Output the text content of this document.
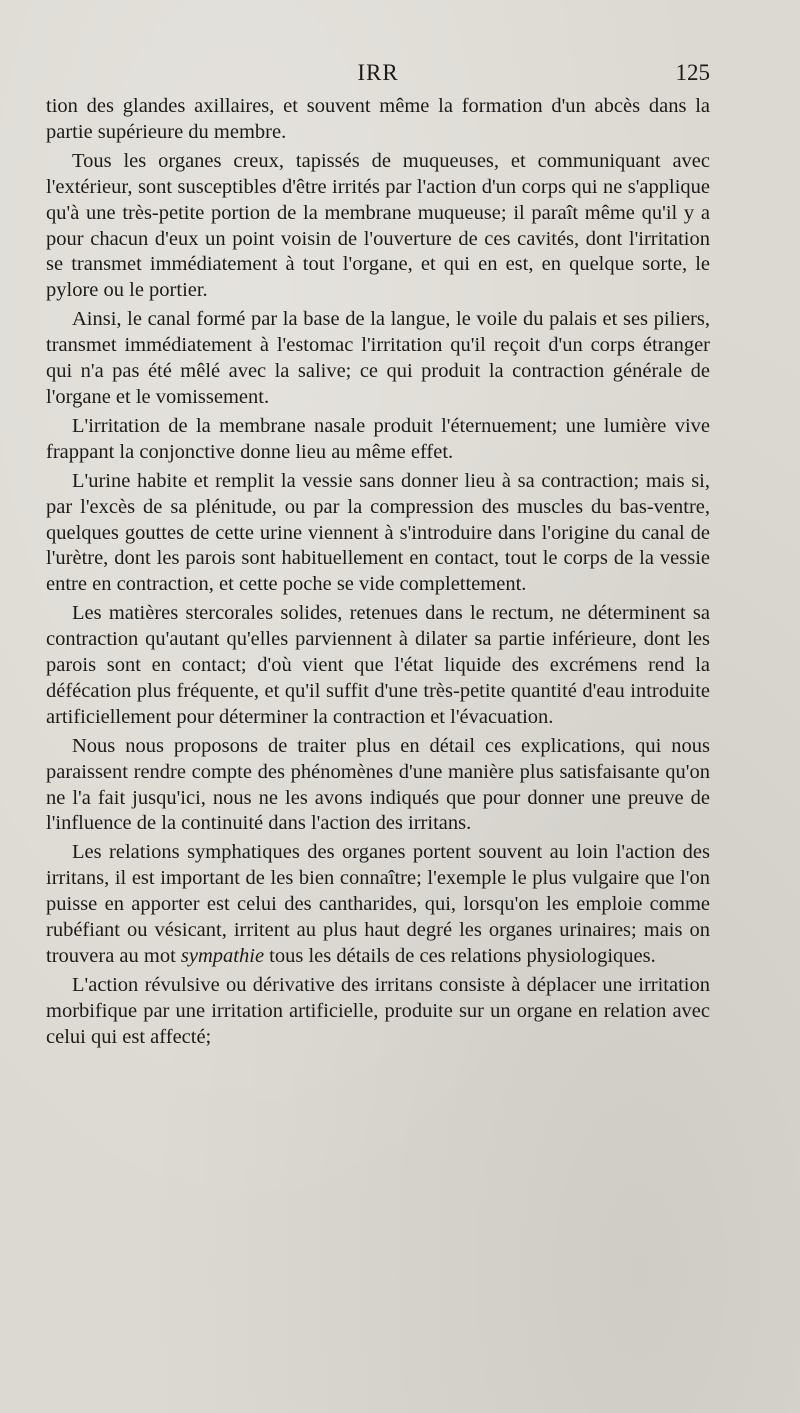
IRR	125

tion des glandes axillaires, et souvent même la formation d'un abcès dans la partie supérieure du membre.

Tous les organes creux, tapissés de muqueuses, et communiquant avec l'extérieur, sont susceptibles d'être irrités par l'action d'un corps qui ne s'applique qu'à une très-petite portion de la membrane muqueuse; il paraît même qu'il y a pour chacun d'eux un point voisin de l'ouverture de ces cavités, dont l'irritation se transmet immédiatement à tout l'organe, et qui en est, en quelque sorte, le pylore ou le portier.

Ainsi, le canal formé par la base de la langue, le voile du palais et ses piliers, transmet immédiatement à l'estomac l'irritation qu'il reçoit d'un corps étranger qui n'a pas été mêlé avec la salive; ce qui produit la contraction générale de l'organe et le vomissement.

L'irritation de la membrane nasale produit l'éternuement; une lumière vive frappant la conjonctive donne lieu au même effet.

L'urine habite et remplit la vessie sans donner lieu à sa contraction; mais si, par l'excès de sa plénitude, ou par la compression des muscles du bas-ventre, quelques gouttes de cette urine viennent à s'introduire dans l'origine du canal de l'urètre, dont les parois sont habituellement en contact, tout le corps de la vessie entre en contraction, et cette poche se vide complettement.

Les matières stercorales solides, retenues dans le rectum, ne déterminent sa contraction qu'autant qu'elles parviennent à dilater sa partie inférieure, dont les parois sont en contact; d'où vient que l'état liquide des excrémens rend la défécation plus fréquente, et qu'il suffit d'une très-petite quantité d'eau introduite artificiellement pour déterminer la contraction et l'évacuation.

Nous nous proposons de traiter plus en détail ces explications, qui nous paraissent rendre compte des phénomènes d'une manière plus satisfaisante qu'on ne l'a fait jusqu'ici, nous ne les avons indiqués que pour donner une preuve de l'influence de la continuité dans l'action des irritans.

Les relations symphatiques des organes portent souvent au loin l'action des irritans, il est important de les bien connaître; l'exemple le plus vulgaire que l'on puisse en apporter est celui des cantharides, qui, lorsqu'on les emploie comme rubéfiant ou vésicant, irritent au plus haut degré les organes urinaires; mais on trouvera au mot sympathie tous les détails de ces relations physiologiques.

L'action révulsive ou dérivative des irritans consiste à déplacer une irritation morbifique par une irritation artificielle, produite sur un organe en relation avec celui qui est affecté;
